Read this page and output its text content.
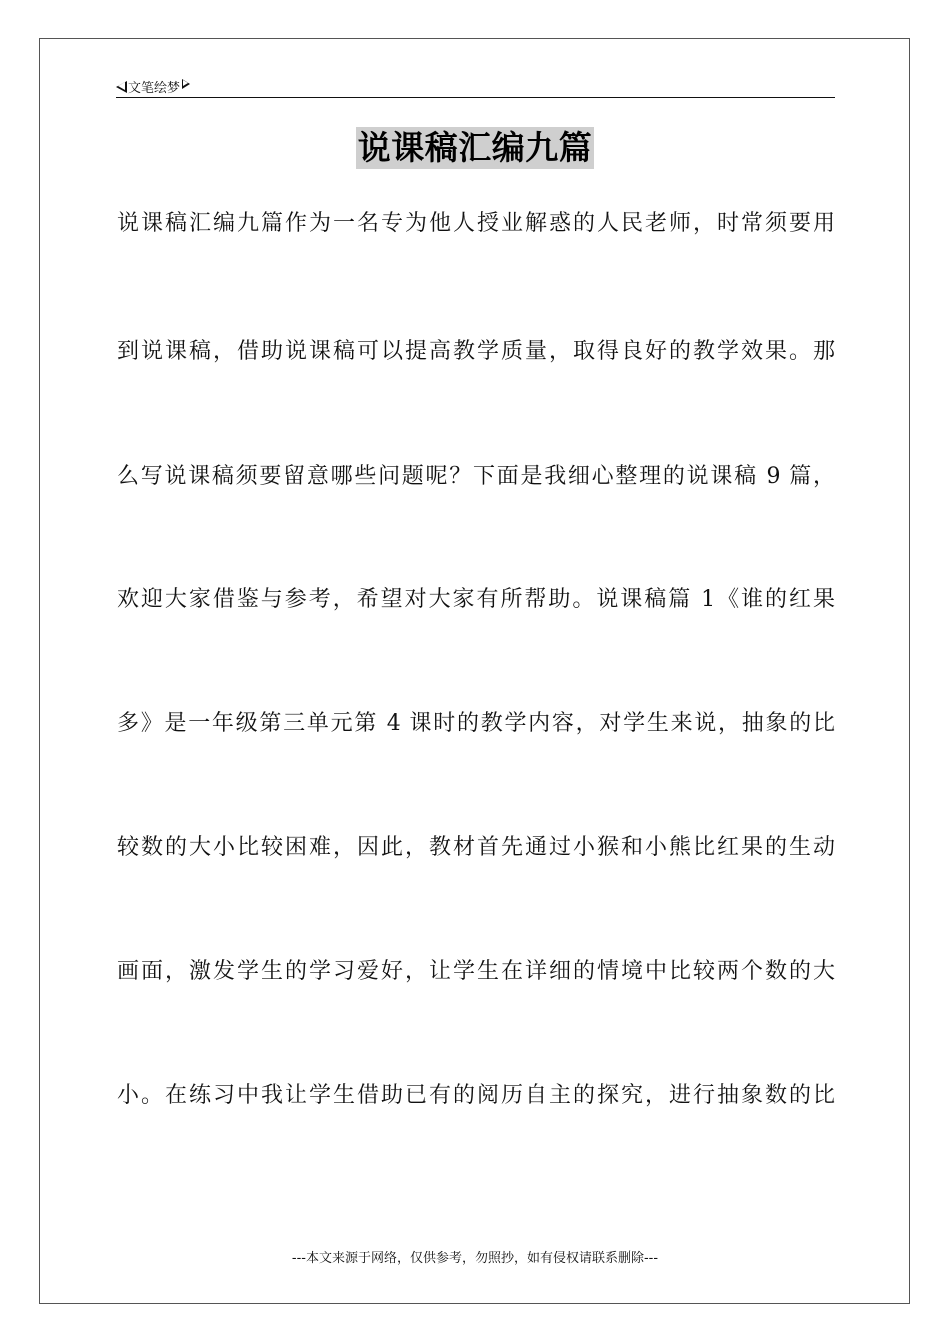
文笔绘梦
说课稿汇编九篇
说课稿汇编九篇作为一名专为他人授业解惑的人民老师，时常须要用
到说课稿，借助说课稿可以提高教学质量，取得良好的教学效果。那
么写说课稿须要留意哪些问题呢？下面是我细心整理的说课稿 9 篇，
欢迎大家借鉴与参考，希望对大家有所帮助。说课稿篇 1《谁的红果
多》是一年级第三单元第 4 课时的教学内容，对学生来说，抽象的比
较数的大小比较困难，因此，教材首先通过小猴和小熊比红果的生动
画面，激发学生的学习爱好，让学生在详细的情境中比较两个数的大
小。在练习中我让学生借助已有的阅历自主的探究，进行抽象数的比
---本文来源于网络，仅供参考，勿照抄，如有侵权请联系删除---
